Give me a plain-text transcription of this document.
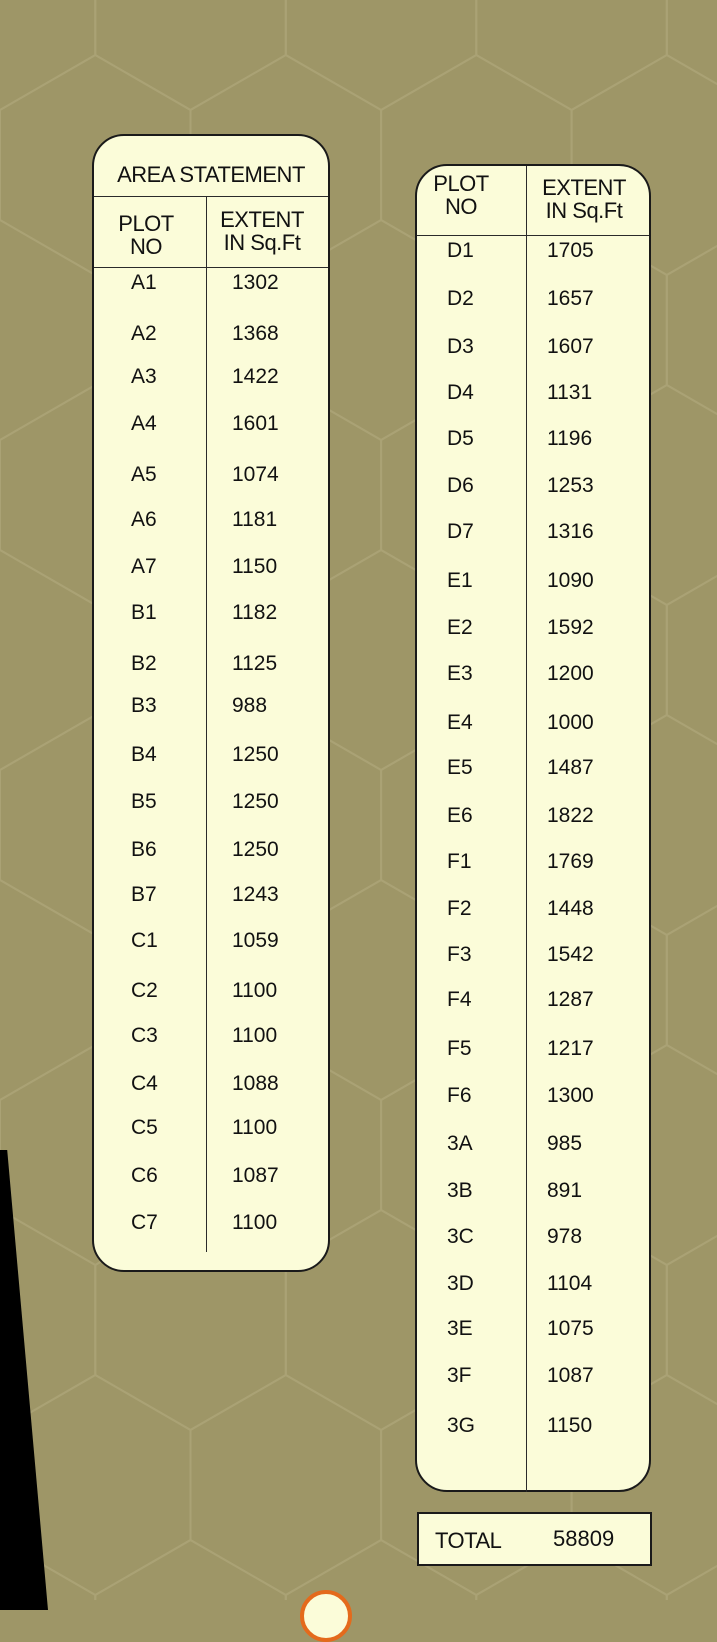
AREA STATEMENT
PLOT
NO
EXTENT
IN Sq.Ft
A1	1302
A2	1368
A3	1422
A4	1601
A5	1074
A6	1181
A7	1150
B1	1182
B2	1125
B3	988
B4	1250
B5	1250
B6	1250
B7	1243
C1	1059
C2	1100
C3	1100
C4	1088
C5	1100
C6	1087
C7	1100
PLOT
NO
EXTENT
IN Sq.Ft
D1	1705
D2	1657
D3	1607
D4	1131
D5	1196
D6	1253
D7	1316
E1	1090
E2	1592
E3	1200
E4	1000
E5	1487
E6	1822
F1	1769
F2	1448
F3	1542
F4	1287
F5	1217
F6	1300
3A	985
3B	891
3C	978
3D	1104
3E	1075
3F	1087
3G	1150
TOTAL 58809
